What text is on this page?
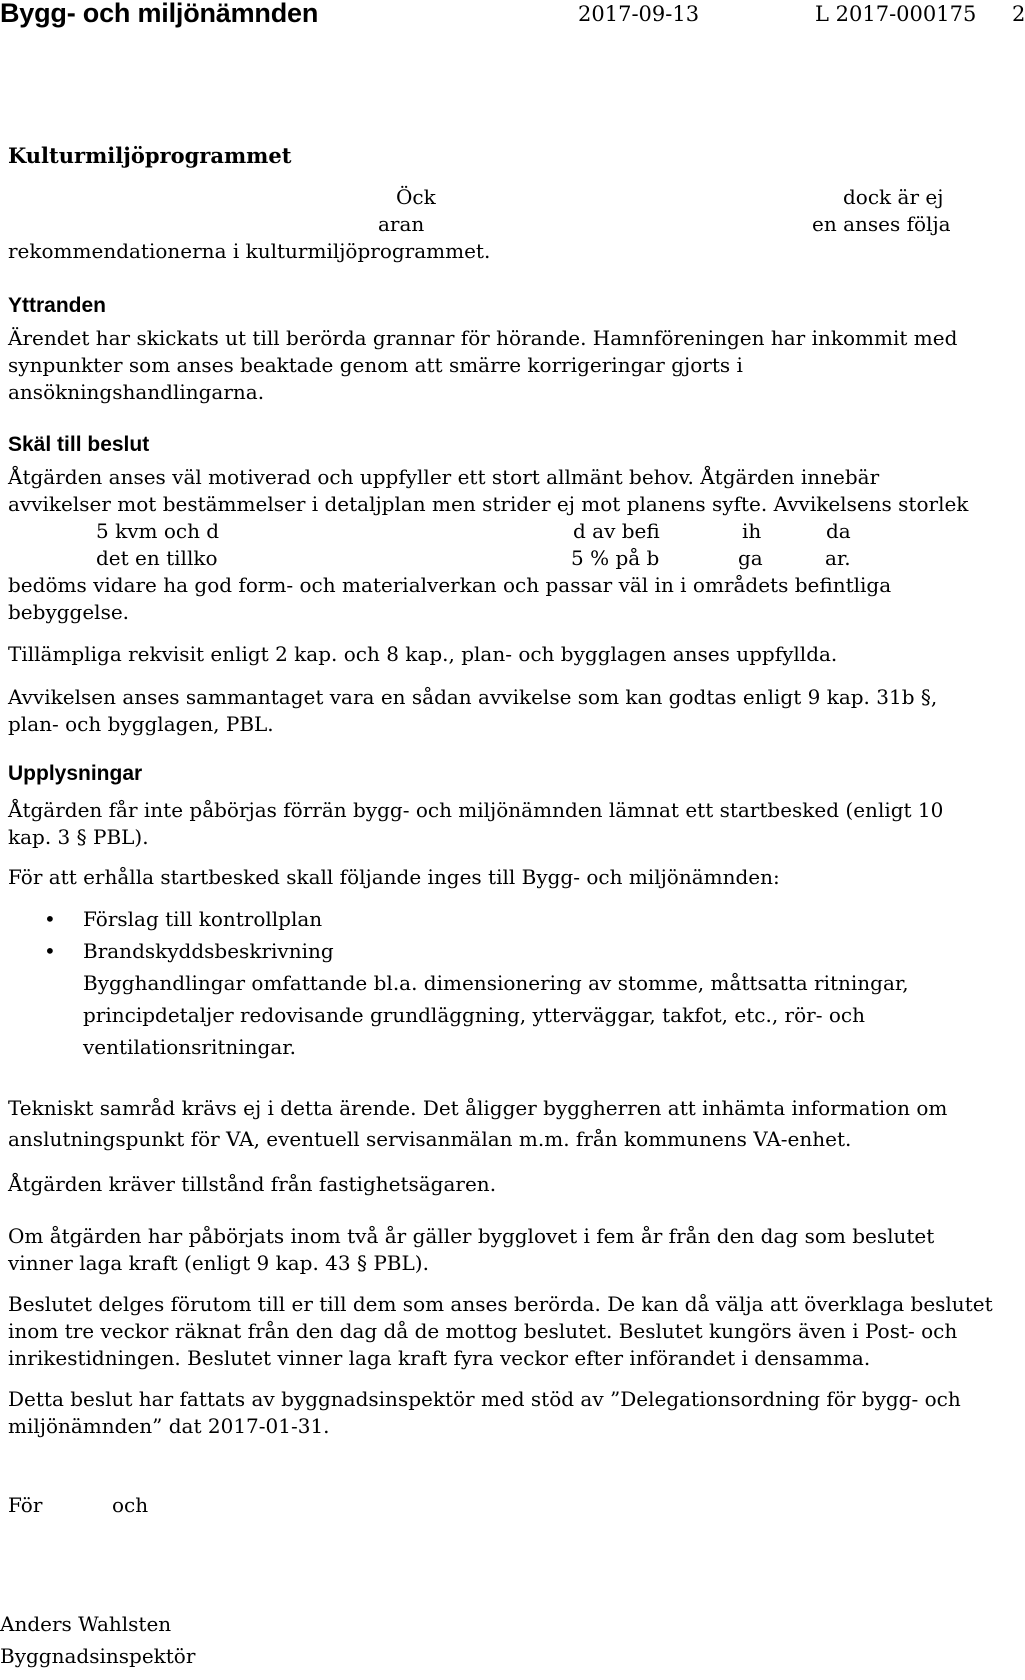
Bygg- och miljönämnden	2017-09-13	L 2017-000175 2
Kulturmiljöprogrammet
Öck	dock är ej
aran	en anses följa
rekommendationerna i kulturmiljöprogrammet.
Yttranden
Ärendet har skickats ut till berörda grannar för hörande. Hamnföreningen har inkommit med
synpunkter som anses beaktade genom att smärre korrigeringar gjorts i
ansökningshandlingarna.
Skäl till beslut
Åtgärden anses väl motiverad och uppfyller ett stort allmänt behov. Åtgärden innebär
avvikelser mot bestämmelser i detaljplan men strider ej mot planens syfte. Avvikelsens storlek
5 kvm och d	d av befi	ih	da
det en tillko	5 % på b	ga	ar.
bedöms vidare ha god form- och materialverkan och passar väl in i områdets befintliga
bebyggelse.
Tillämpliga rekvisit enligt 2 kap. och 8 kap., plan- och bygglagen anses uppfyllda.
Avvikelsen anses sammantaget vara en sådan avvikelse som kan godtas enligt 9 kap. 31b §,
plan- och bygglagen, PBL.
Upplysningar
Åtgärden får inte påbörjas förrän bygg- och miljönämnden lämnat ett startbesked (enligt 10
kap. 3 § PBL).
För att erhålla startbesked skall följande inges till Bygg- och miljönämnden:
• Förslag till kontrollplan
• Brandskyddsbeskrivning
Bygghandlingar omfattande bl.a. dimensionering av stomme, måttsatta ritningar,
principdetaljer redovisande grundläggning, ytterväggar, takfot, etc., rör- och
ventilationsritningar.
Tekniskt samråd krävs ej i detta ärende. Det åligger byggherren att inhämta information om
anslutningspunkt för VA, eventuell servisanmälan m.m. från kommunens VA-enhet.
Åtgärden kräver tillstånd från fastighetsägaren.
Om åtgärden har påbörjats inom två år gäller bygglovet i fem år från den dag som beslutet
vinner laga kraft (enligt 9 kap. 43 § PBL).
Beslutet delges förutom till er till dem som anses berörda. De kan då välja att överklaga beslutet
inom tre veckor räknat från den dag då de mottog beslutet. Beslutet kungörs även i Post- och
inrikestidningen. Beslutet vinner laga kraft fyra veckor efter införandet i densamma.
Detta beslut har fattats av byggnadsinspektör med stöd av ”Delegationsordning för bygg- och
miljönämnden” dat 2017-01-31.
För	och
Anders Wahlsten
Byggnadsinspektör
